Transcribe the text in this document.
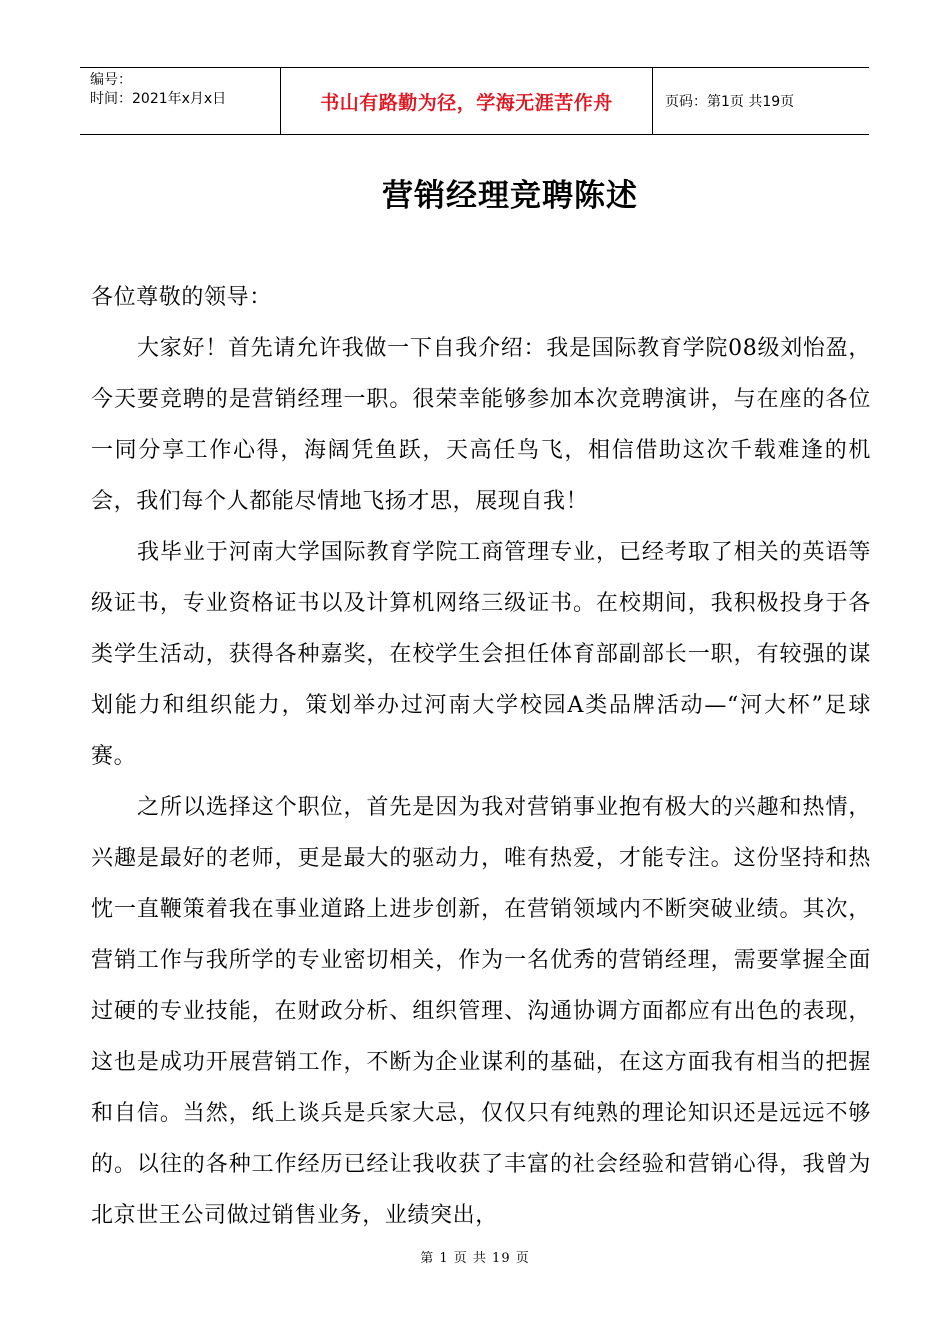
编号：
时间：2021年x月x日	书山有路勤为径，学海无涯苦作舟	页码：第1页 共19页
营销经理竞聘陈述

各位尊敬的领导：

大家好！首先请允许我做一下自我介绍：我是国际教育学院08级刘怡盈，今天要竞聘的是营销经理一职。很荣幸能够参加本次竞聘演讲，与在座的各位一同分享工作心得，海阔凭鱼跃，天高任鸟飞，相信借助这次千载难逢的机会，我们每个人都能尽情地飞扬才思，展现自我！

我毕业于河南大学国际教育学院工商管理专业，已经考取了相关的英语等级证书，专业资格证书以及计算机网络三级证书。在校期间，我积极投身于各类学生活动，获得各种嘉奖，在校学生会担任体育部副部长一职，有较强的谋划能力和组织能力，策划举办过河南大学校园A类品牌活动—“河大杯”足球赛。

之所以选择这个职位，首先是因为我对营销事业抱有极大的兴趣和热情，兴趣是最好的老师，更是最大的驱动力，唯有热爱，才能专注。这份坚持和热忱一直鞭策着我在事业道路上进步创新，在营销领域内不断突破业绩。其次，营销工作与我所学的专业密切相关，作为一名优秀的营销经理，需要掌握全面过硬的专业技能，在财政分析、组织管理、沟通协调方面都应有出色的表现，这也是成功开展营销工作，不断为企业谋利的基础，在这方面我有相当的把握和自信。当然，纸上谈兵是兵家大忌，仅仅只有纯熟的理论知识还是远远不够的。以往的各种工作经历已经让我收获了丰富的社会经验和营销心得，我曾为北京世王公司做过销售业务，业绩突出，

第 1 页 共 19 页
